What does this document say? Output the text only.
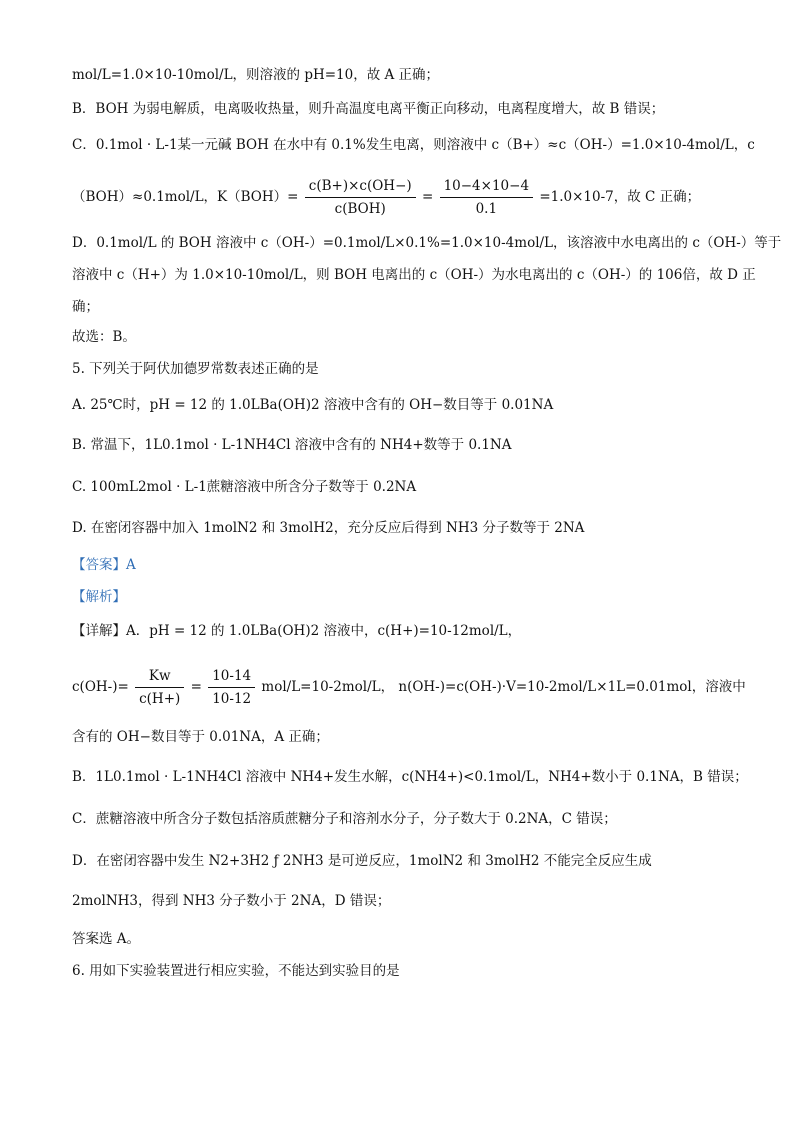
mol/L=1.0×10-10mol/L，则溶液的 pH=10，故 A 正确；
B．BOH 为弱电解质，电离吸收热量，则升高温度电离平衡正向移动，电离程度增大，故 B 错误；
C．0.1mol · L-1某一元碱 BOH 在水中有 0.1%发生电离，则溶液中 c（B+）≈c（OH-）=1.0×10-4mol/L，c
（BOH）≈0.1mol/L，$K(BOH)= \frac{c(B+)\times c(OH-)}{\text{c(BOH)}} = \frac{10-4\times 10-4}{0.1} =1.0\times 10-7$，故 C 正确；
D．0.1mol/L 的 BOH 溶液中 c（OH-）=0.1mol/L×0.1%=1.0×10-4mol/L，该溶液中水电离出的 c（OH-）等于
溶液中 c（H+）为 1.0×10-10mol/L，则 BOH 电离出的 c（OH-）为水电离出的 c（OH-）的 106倍，故 D 正
确；
故选：B。
5. 下列关于阿伏加德罗常数表述正确的是
A. 25℃时，pH = 12 的 1.0LBa(OH)2 溶液中含有的 OH−数目等于 0.01NA
B. 常温下，1L0.1mol · L-1NH4Cl 溶液中含有的 NH4+数等于 0.1NA
C. 100mL2mol · L-1蔗糖溶液中所含分子数等于 0.2NA
D. 在密闭容器中加入 1molN2 和 3molH2，充分反应后得到 NH3 分子数等于 2NA
【答案】A
【解析】
【详解】A．pH = 12 的 1.0LBa(OH)2 溶液中，c(H+)=10-12mol/L，
$c(OH-)= \frac{Kw}{c(H+)} = \frac{10-14}{10-12} mol/L=10-2mol/L$， n(OH-)=c(OH-)·V=10-2mol/L×1L=0.01mol，溶液中
含有的 OH−数目等于 0.01NA，A 正确；
B．1L0.1mol · L-1NH4Cl 溶液中 NH4+发生水解，c(NH4+)<0.1mol/L，NH4+数小于 0.1NA，B 错误；
C．蔗糖溶液中所含分子数包括溶质蔗糖分子和溶剂水分子，分子数大于 0.2NA，C 错误；
D．在密闭容器中发生 N2+3H2 ƒ 2NH3 是可逆反应，1molN2 和 3molH2 不能完全反应生成
2molNH3，得到 NH3 分子数小于 2NA，D 错误；
答案选 A。
6. 用如下实验装置进行相应实验，不能达到实验目的是
